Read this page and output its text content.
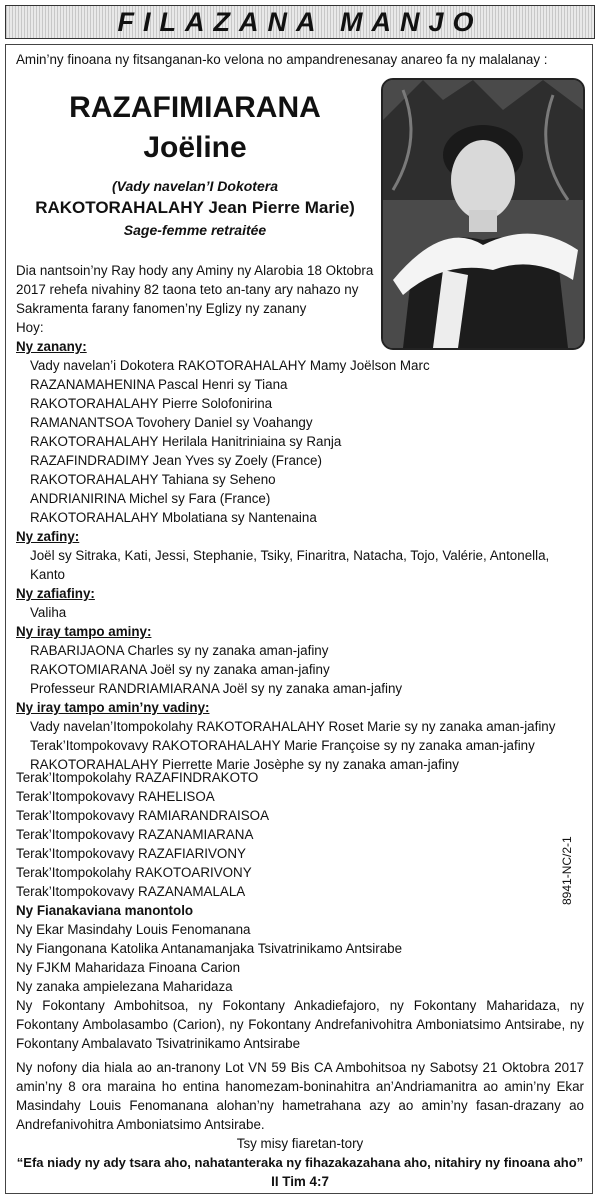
FILAZANA MANJO
Amin’ny finoana ny fitsanganan-ko velona no ampandrenesanay anareo fa ny malalanay :
RAZAFIMIARANA
Joëline
(Vady navelan’I Dokotera
RAKOTORAHALAHY Jean Pierre Marie)
Sage-femme retraitée
Dia nantsoin’ny Ray hody any Aminy ny Alarobia 18 Oktobra
2017 rehefa nivahiny 82 taona teto an-tany ary nahazo ny
Sakramenta farany fanomen’ny Eglizy ny zanany
Hoy:
Ny zanany:
Vady navelan’i Dokotera RAKOTORAHALAHY Mamy Joëlson Marc
RAZANAMAHENINA Pascal Henri sy Tiana
RAKOTORAHALAHY Pierre Solofonirina
RAMANANTSOA Tovohery Daniel sy Voahangy
RAKOTORAHALAHY Herilala Hanitriniaina sy Ranja
RAZAFINDRADIMY Jean Yves sy Zoely (France)
RAKOTORAHALAHY Tahiana sy Seheno
ANDRIANIRINA Michel sy Fara (France)
RAKOTORAHALAHY Mbolatiana sy Nantenaina
Ny zafiny:
Joël sy Sitraka, Kati, Jessi, Stephanie, Tsiky, Finaritra, Natacha, Tojo, Valérie, Antonella, Kanto
Ny zafiafiny:
Valiha
Ny iray tampo aminy:
RABARIJAONA Charles sy ny zanaka aman-jafiny
RAKOTOMIARANA Joël sy ny zanaka aman-jafiny
Professeur RANDRIAMIARANA Joël sy ny zanaka aman-jafiny
Ny iray tampo amin’ny vadiny:
Vady navelan’Itompokolahy RAKOTORAHALAHY Roset Marie sy ny zanaka aman-jafiny
Terak’Itompokovavy RAKOTORAHALAHY Marie Françoise sy ny zanaka aman-jafiny
RAKOTORAHALAHY Pierrette Marie Josèphe sy ny zanaka aman-jafiny
Terak’Itompokolahy RAZAFINDRAKOTO
Terak’Itompokovavy RAHELISOA
Terak’Itompokovavy RAMIARANDRAISOA
Terak’Itompokovavy RAZANAMIARANA
Terak’Itompokovavy RAZAFIARIVONY
Terak’Itompokolahy RAKOTOARIVONY
Terak’Itompokovavy RAZANAMALALA
Ny Fianakaviana manontolo
Ny Ekar Masindahy Louis Fenomanana
Ny Fiangonana Katolika Antanamanjaka Tsivatrinikamo Antsirabe
Ny FJKM Maharidaza Finoana Carion
Ny zanaka ampielezana Maharidaza
Ny Fokontany Ambohitsoa, ny Fokontany Ankadiefajoro, ny Fokontany Maharidaza, ny Fokontany Ambolasambo (Carion), ny Fokontany Andrefanivohitra Amboniatsimo Antsirabe, ny Fokontany Ambalavato Tsivatrinikamo Antsirabe
Ny nofony dia hiala ao an-tranony Lot VN 59 Bis CA Ambohitsoa ny Sabotsy 21 Oktobra 2017 amin’ny 8 ora maraina ho entina hanomezam-boninahitra an’Andriamanitra ao amin’ny Ekar Masindahy Louis Fenomanana alohan’ny hametrahana azy ao amin’ny fasan-drazany ao Andrefanivohitra Amboniatsimo Antsirabe.
Tsy misy fiaretan-tory
“Efa niady ny ady tsara aho, nahatanteraka ny fihazakazahana aho, nitahiry ny finoana aho”
II Tim 4:7
8941-NC/2-1
